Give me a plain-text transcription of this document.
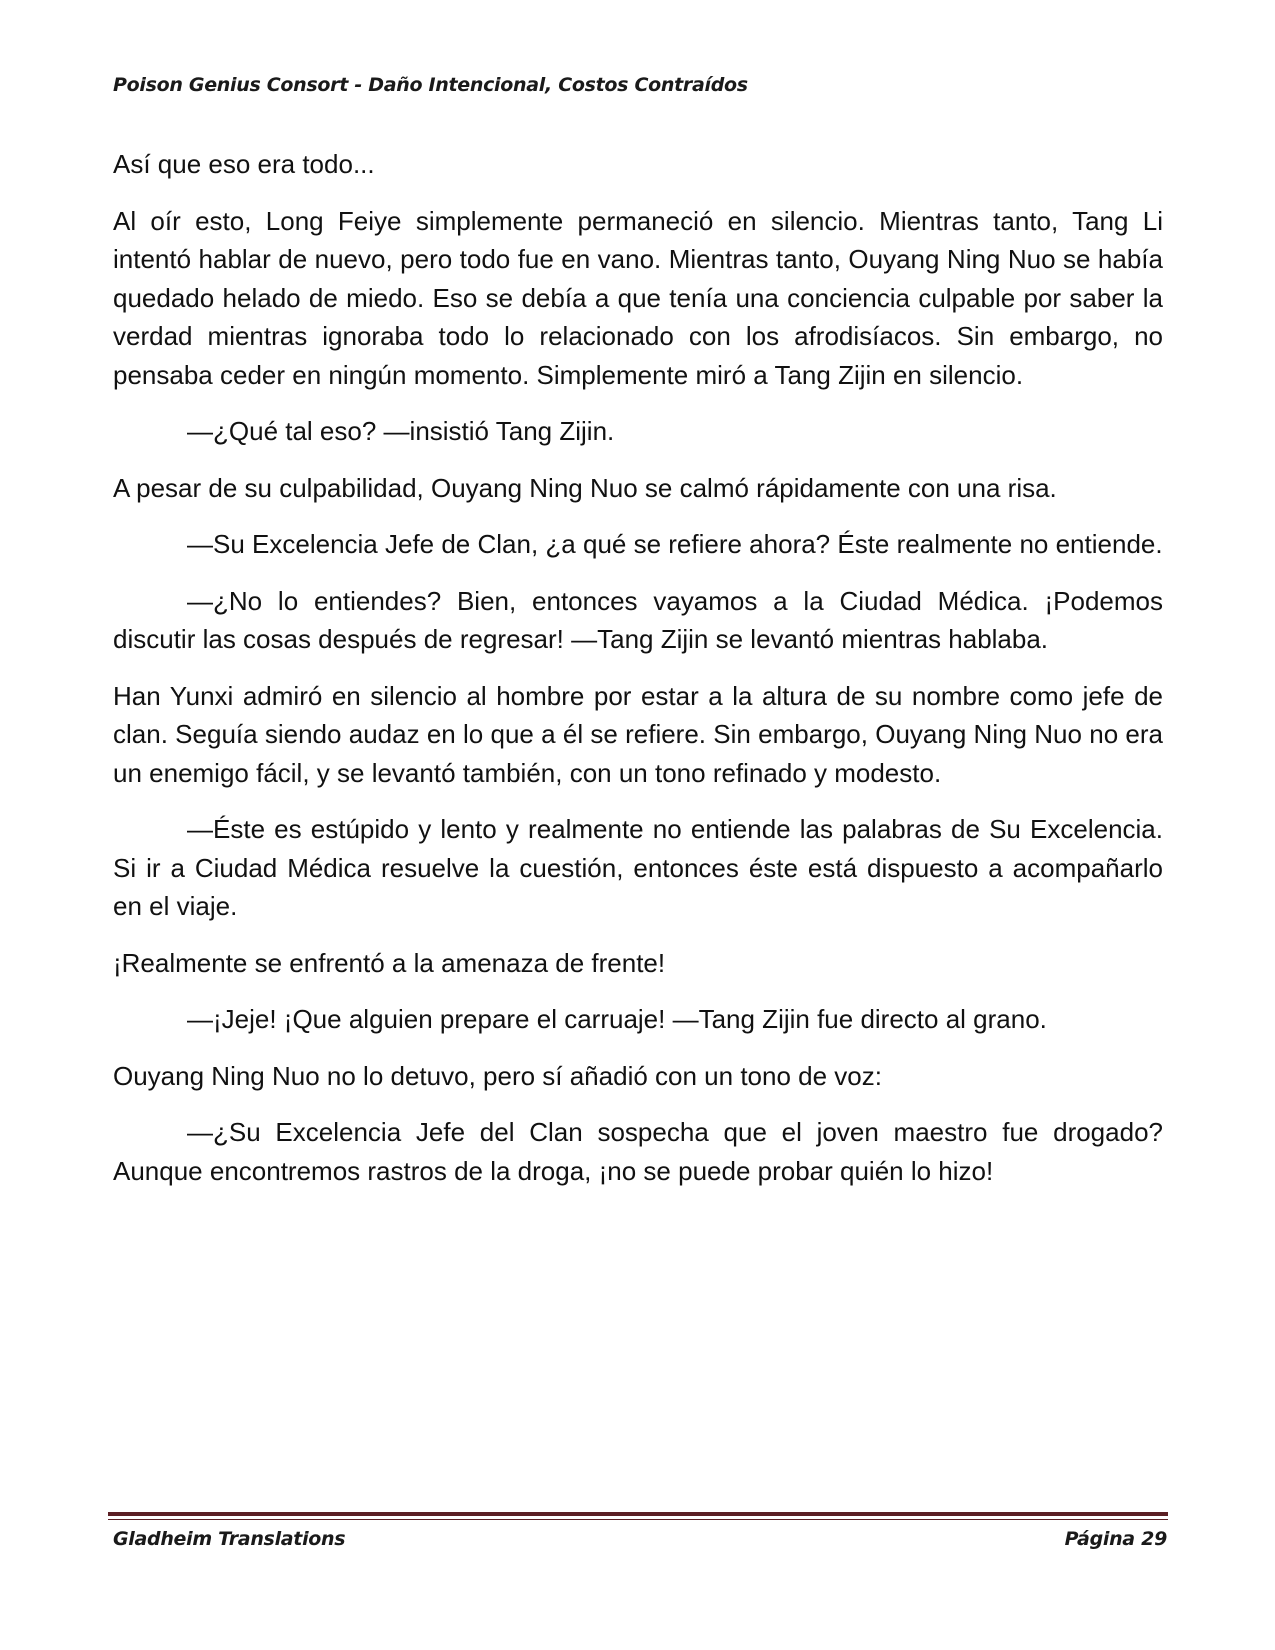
Poison Genius Consort - Daño Intencional, Costos Contraídos

Así que eso era todo...

Al oír esto, Long Feiye simplemente permaneció en silencio. Mientras tanto, Tang Li intentó hablar de nuevo, pero todo fue en vano. Mientras tanto, Ouyang Ning Nuo se había quedado helado de miedo. Eso se debía a que tenía una conciencia culpable por saber la verdad mientras ignoraba todo lo relacionado con los afrodisíacos. Sin embargo, no pensaba ceder en ningún momento. Simplemente miró a Tang Zijin en silencio.

—¿Qué tal eso? —insistió Tang Zijin.

A pesar de su culpabilidad, Ouyang Ning Nuo se calmó rápidamente con una risa.

—Su Excelencia Jefe de Clan, ¿a qué se refiere ahora? Éste realmente no entiende.

—¿No lo entiendes? Bien, entonces vayamos a la Ciudad Médica. ¡Podemos discutir las cosas después de regresar! —Tang Zijin se levantó mientras hablaba.

Han Yunxi admiró en silencio al hombre por estar a la altura de su nombre como jefe de clan. Seguía siendo audaz en lo que a él se refiere. Sin embargo, Ouyang Ning Nuo no era un enemigo fácil, y se levantó también, con un tono refinado y modesto.

—Éste es estúpido y lento y realmente no entiende las palabras de Su Excelencia. Si ir a Ciudad Médica resuelve la cuestión, entonces éste está dispuesto a acompañarlo en el viaje.

¡Realmente se enfrentó a la amenaza de frente!

—¡Jeje! ¡Que alguien prepare el carruaje! —Tang Zijin fue directo al grano.

Ouyang Ning Nuo no lo detuvo, pero sí añadió con un tono de voz:

—¿Su Excelencia Jefe del Clan sospecha que el joven maestro fue drogado? Aunque encontremos rastros de la droga, ¡no se puede probar quién lo hizo!

Gladheim Translations	Página 29
